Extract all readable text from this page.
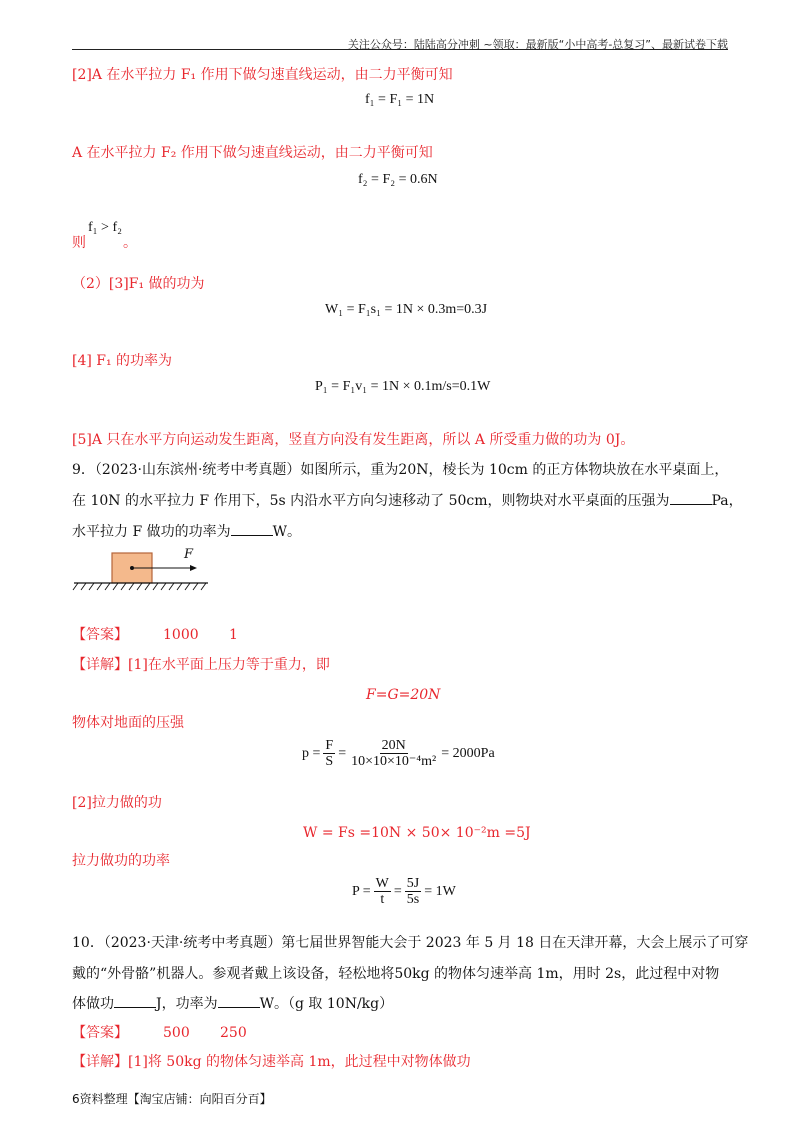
关注公众号：陆陆高分冲刺 ~领取：最新版“小中高考-总复习”、最新试卷下载
[2]A 在水平拉力 F₁ 作用下做匀速直线运动，由二力平衡可知
f₁ = F₁ = 1N
A 在水平拉力 F₂ 作用下做匀速直线运动，由二力平衡可知
f₂ = F₂ = 0.6N
f₁ > f₂
则	。
（2）[3]F₁ 做的功为
W₁ = F₁s₁ = 1N × 0.3m=0.3J
[4] F₁ 的功率为
P₁ = F₁v₁ = 1N × 0.1m/s=0.1W
[5]A 只在水平方向运动发生距离，竖直方向没有发生距离，所以 A 所受重力做的功为 0J。
9．（2023·山东滨州·统考中考真题）如图所示，重为20N，棱长为 10cm 的正方体物块放在水平桌面上，
在 10N 的水平拉力 F 作用下，5s 内沿水平方向匀速移动了 50cm，则物块对水平桌面的压强为	Pa，
水平拉力 F 做功的功率为	W。
F
【答案】	1000 1
【详解】[1]在水平面上压力等于重力，即
F=G=20N
物体对地面的压强
$p = \frac{F}{S} = \frac{20N}{\text{10×10×10⁻⁴m²}} = 2000Pa$
[2]拉力做的功
W = Fs =10N × 50× 10⁻²m =5J
拉力做功的功率
$P = \frac{W}{t} = \frac{5J}{5s} = 1W$
10．（2023·天津·统考中考真题）第七届世界智能大会于 2023 年 5 月 18 日在天津开幕，大会上展示了可穿
戴的“外骨骼”机器人。参观者戴上该设备，轻松地将50kg 的物体匀速举高 1m，用时 2s，此过程中对物
体做功	J，功率为	W。（g 取 10N/kg）
【答案】	500 250
【详解】[1]将 50kg 的物体匀速举高 1m，此过程中对物体做功
6资料整理【淘宝店铺：向阳百分百】
